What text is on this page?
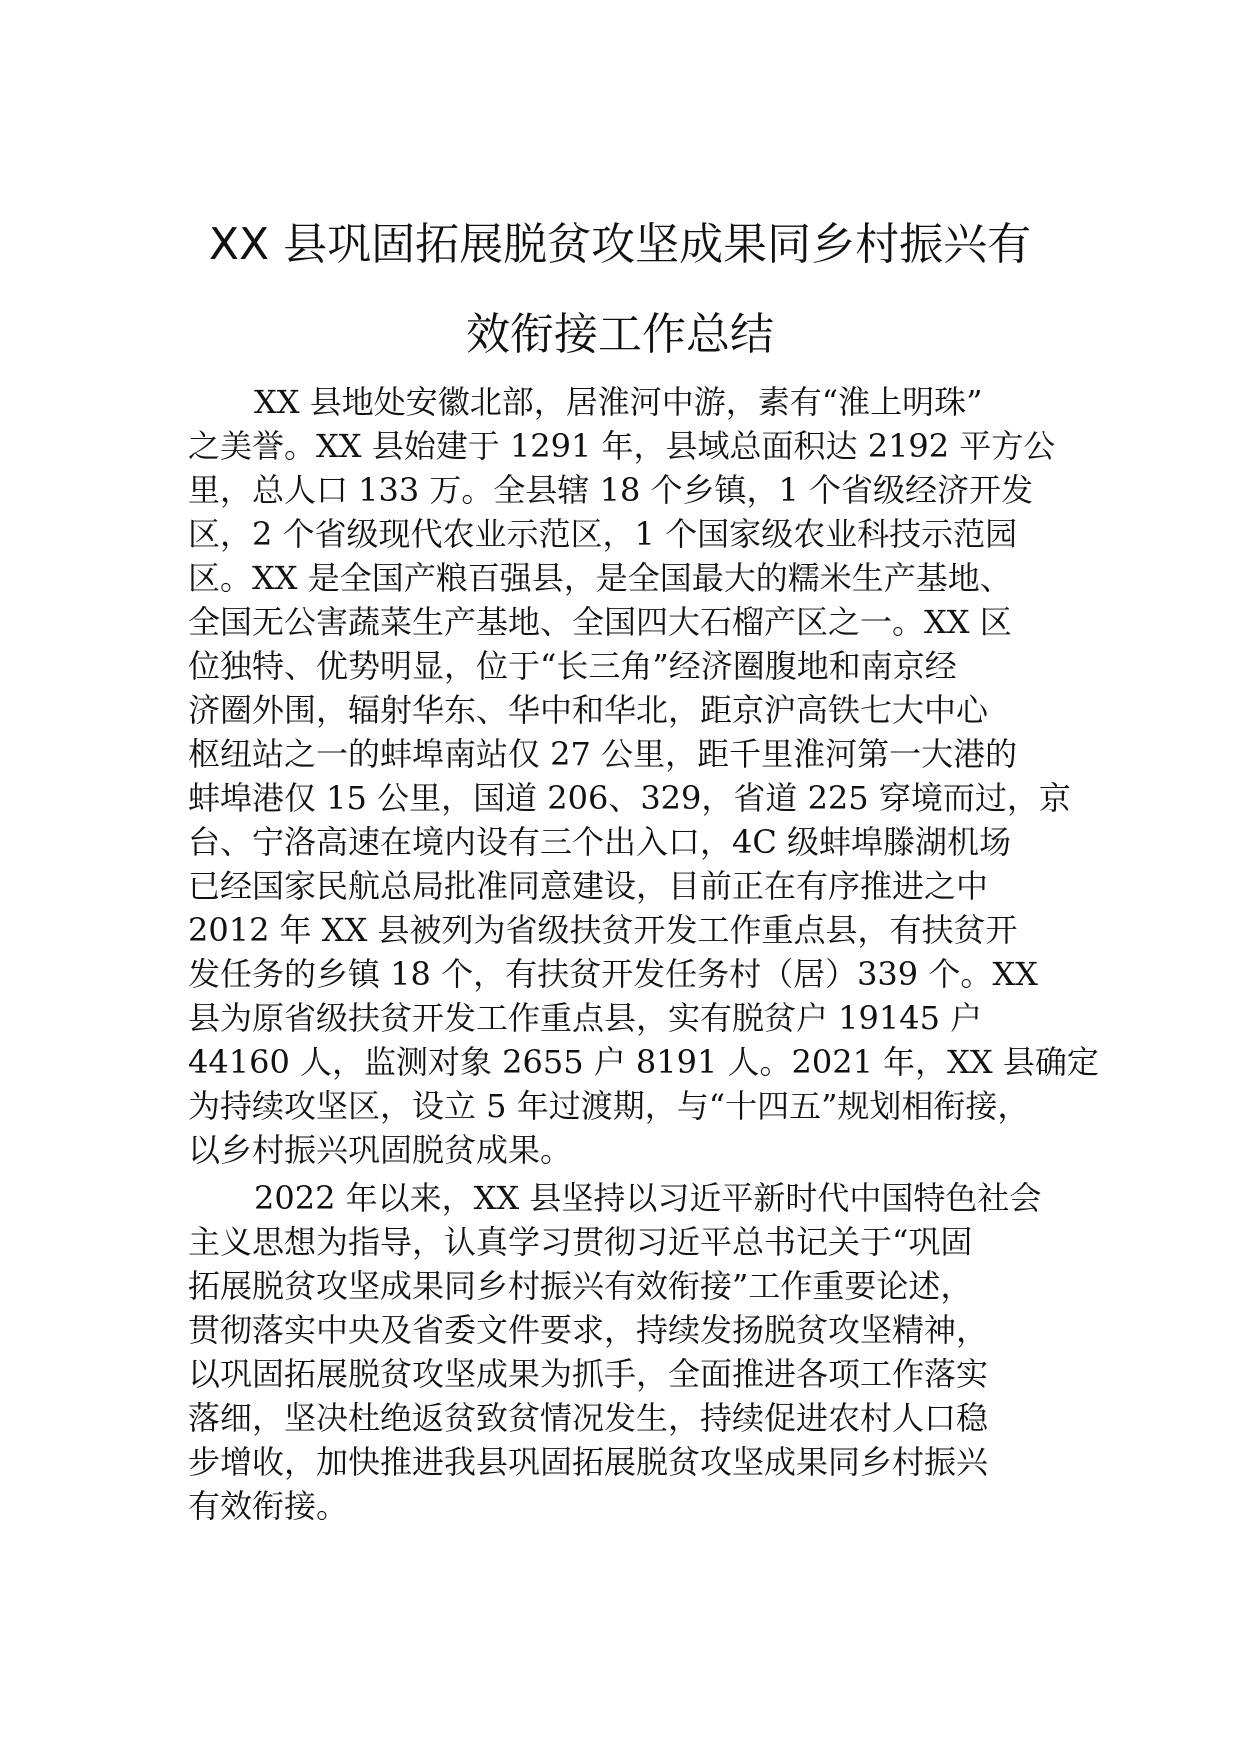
XX 县巩固拓展脱贫攻坚成果同乡村振兴有
效衔接工作总结
XX 县地处安徽北部，居淮河中游，素有“淮上明珠”
之美誉。XX 县始建于 1291 年，县域总面积达 2192 平方公
里，总人口 133 万。全县辖 18 个乡镇，1 个省级经济开发
区，2 个省级现代农业示范区，1 个国家级农业科技示范园
区。XX 是全国产粮百强县，是全国最大的糯米生产基地、
全国无公害蔬菜生产基地、全国四大石榴产区之一。XX 区
位独特、优势明显，位于“长三角”经济圈腹地和南京经
济圈外围，辐射华东、华中和华北，距京沪高铁七大中心
枢纽站之一的蚌埠南站仅 27 公里，距千里淮河第一大港的
蚌埠港仅 15 公里，国道 206、329，省道 225 穿境而过，京
台、宁洛高速在境内设有三个出入口，4C 级蚌埠滕湖机场
已经国家民航总局批准同意建设，目前正在有序推进之中
2012 年 XX 县被列为省级扶贫开发工作重点县，有扶贫开
发任务的乡镇 18 个，有扶贫开发任务村（居）339 个。XX
县为原省级扶贫开发工作重点县，实有脱贫户 19145 户
44160 人，监测对象 2655 户 8191 人。2021 年，XX 县确定
为持续攻坚区，设立 5 年过渡期，与“十四五”规划相衔接，
以乡村振兴巩固脱贫成果。
2022 年以来，XX 县坚持以习近平新时代中国特色社会
主义思想为指导，认真学习贯彻习近平总书记关于“巩固
拓展脱贫攻坚成果同乡村振兴有效衔接”工作重要论述，
贯彻落实中央及省委文件要求，持续发扬脱贫攻坚精神，
以巩固拓展脱贫攻坚成果为抓手，全面推进各项工作落实
落细，坚决杜绝返贫致贫情况发生，持续促进农村人口稳
步增收，加快推进我县巩固拓展脱贫攻坚成果同乡村振兴
有效衔接。
